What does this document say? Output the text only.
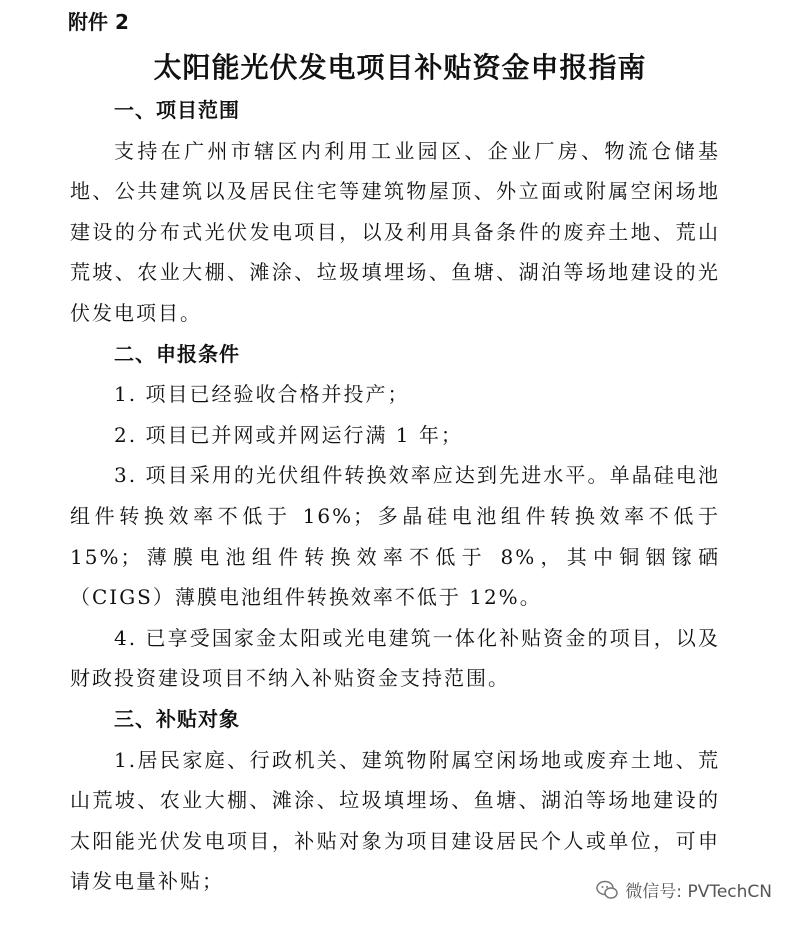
附件 2
太阳能光伏发电项目补贴资金申报指南
一、项目范围
支持在广州市辖区内利用工业园区、企业厂房、物流仓储基地、公共建筑以及居民住宅等建筑物屋顶、外立面或附属空闲场地建设的分布式光伏发电项目，以及利用具备条件的废弃土地、荒山荒坡、农业大棚、滩涂、垃圾填埋场、鱼塘、湖泊等场地建设的光伏发电项目。
二、申报条件
1. 项目已经验收合格并投产；
2. 项目已并网或并网运行满 1 年；
3. 项目采用的光伏组件转换效率应达到先进水平。单晶硅电池组件转换效率不低于 16%；多晶硅电池组件转换效率不低于 15%；薄膜电池组件转换效率不低于 8%，其中铜铟镓硒（CIGS）薄膜电池组件转换效率不低于 12%。
4. 已享受国家金太阳或光电建筑一体化补贴资金的项目，以及财政投资建设项目不纳入补贴资金支持范围。
三、补贴对象
1.居民家庭、行政机关、建筑物附属空闲场地或废弃土地、荒山荒坡、农业大棚、滩涂、垃圾填埋场、鱼塘、湖泊等场地建设的太阳能光伏发电项目，补贴对象为项目建设居民个人或单位，可申请发电量补贴；	微信号: PVTechCN
